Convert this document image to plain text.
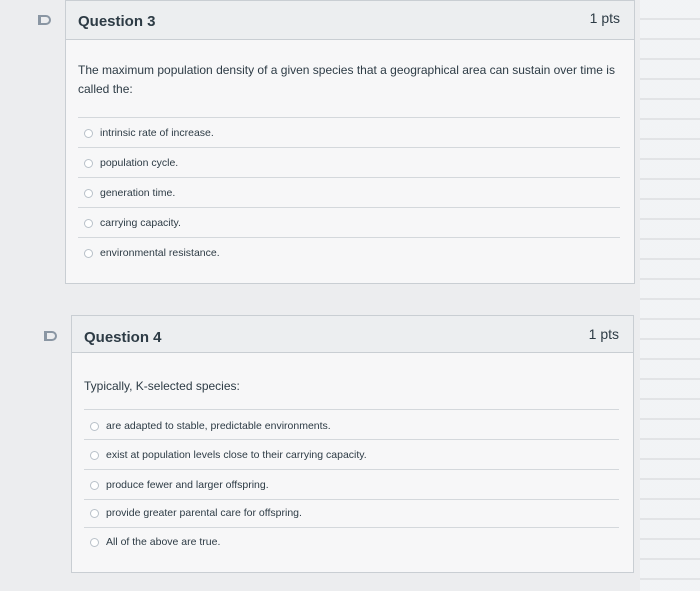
Question 3	1 pts
The maximum population density of a given species that a geographical area can sustain over time is called the:
intrinsic rate of increase.
population cycle.
generation time.
carrying capacity.
environmental resistance.
Question 4	1 pts
Typically, K-selected species:
are adapted to stable, predictable environments.
exist at population levels close to their carrying capacity.
produce fewer and larger offspring.
provide greater parental care for offspring.
All of the above are true.
